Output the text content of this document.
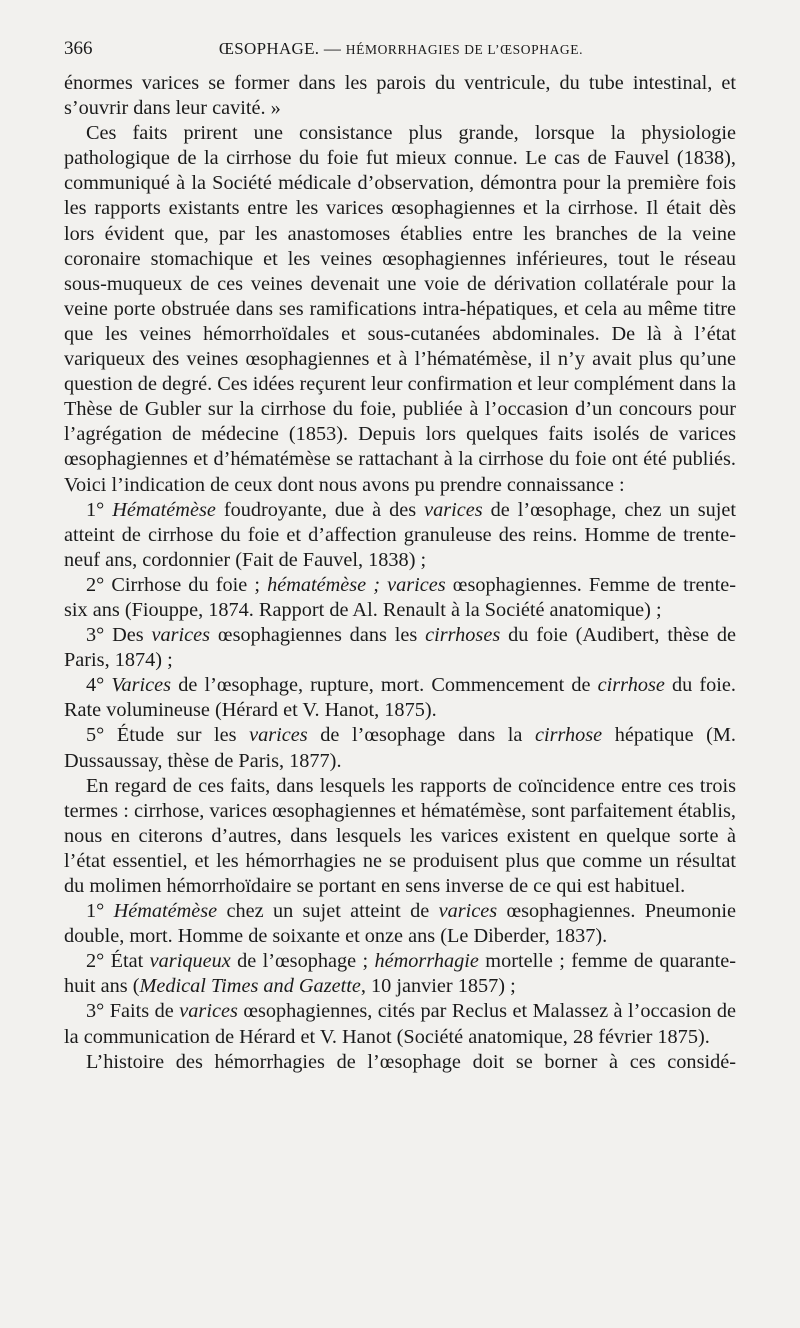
366	ŒSOPHAGE. — HÉMORRHAGIES DE L’ŒSOPHAGE.

énormes varices se former dans les parois du ventricule, du tube intestinal, et s’ouvrir dans leur cavité. »

Ces faits prirent une consistance plus grande, lorsque la physiologie pathologique de la cirrhose du foie fut mieux connue. Le cas de Fauvel (1838), communiqué à la Société médicale d’observation, démontra pour la première fois les rapports existants entre les varices œsophagiennes et la cirrhose. Il était dès lors évident que, par les anastomoses établies entre les branches de la veine coronaire stomachique et les veines œsophagiennes inférieures, tout le réseau sous-muqueux de ces veines devenait une voie de dérivation collatérale pour la veine porte obstruée dans ses ramifications intra-hépatiques, et cela au même titre que les veines hémorrhoïdales et sous-cutanées abdominales. De là à l’état variqueux des veines œsophagiennes et à l’hématémèse, il n’y avait plus qu’une question de degré. Ces idées reçurent leur confirmation et leur complément dans la Thèse de Gubler sur la cirrhose du foie, publiée à l’occasion d’un concours pour l’agrégation de médecine (1853). Depuis lors quelques faits isolés de varices œsophagiennes et d’hématémèse se rattachant à la cirrhose du foie ont été publiés. Voici l’indication de ceux dont nous avons pu prendre connaissance :

1° Hématémèse foudroyante, due à des varices de l’œsophage, chez un sujet atteint de cirrhose du foie et d’affection granuleuse des reins. Homme de trente-neuf ans, cordonnier (Fait de Fauvel, 1838) ;

2° Cirrhose du foie ; hématémèse ; varices œsophagiennes. Femme de trente-six ans (Fiouppe, 1874. Rapport de Al. Renault à la Société anatomique) ;

3° Des varices œsophagiennes dans les cirrhoses du foie (Audibert, thèse de Paris, 1874) ;

4° Varices de l’œsophage, rupture, mort. Commencement de cirrhose du foie. Rate volumineuse (Hérard et V. Hanot, 1875).

5° Étude sur les varices de l’œsophage dans la cirrhose hépatique (M. Dussaussay, thèse de Paris, 1877).

En regard de ces faits, dans lesquels les rapports de coïncidence entre ces trois termes : cirrhose, varices œsophagiennes et hématémèse, sont parfaitement établis, nous en citerons d’autres, dans lesquels les varices existent en quelque sorte à l’état essentiel, et les hémorrhagies ne se produisent plus que comme un résultat du molimen hémorrhoïdaire se portant en sens inverse de ce qui est habituel.

1° Hématémèse chez un sujet atteint de varices œsophagiennes. Pneumonie double, mort. Homme de soixante et onze ans (Le Diberder, 1837).

2° État variqueux de l’œsophage ; hémorrhagie mortelle ; femme de quarante-huit ans (Medical Times and Gazette, 10 janvier 1857) ;

3° Faits de varices œsophagiennes, cités par Reclus et Malassez à l’occasion de la communication de Hérard et V. Hanot (Société anatomique, 28 février 1875).

L’histoire des hémorrhagies de l’œsophage doit se borner à ces considé-
